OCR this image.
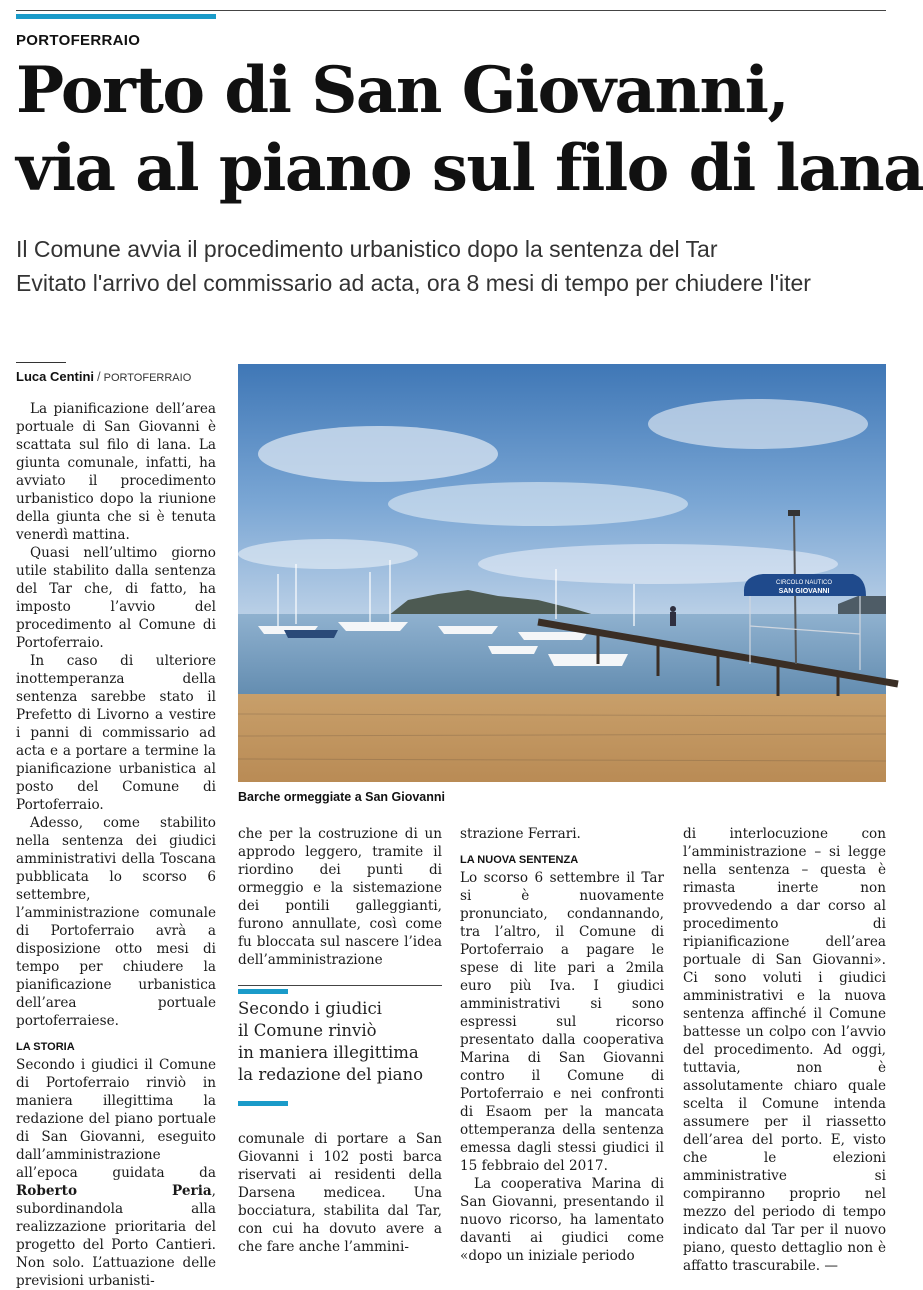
PORTOFERRAIO
Porto di San Giovanni,
via al piano sul filo di lana
Il Comune avvia il procedimento urbanistico dopo la sentenza del Tar
Evitato l'arrivo del commissario ad acta, ora 8 mesi di tempo per chiudere l'iter
Luca Centini / PORTOFERRAIO
CIRCOLO NAUTICO
SAN GIOVANNI
Barche ormeggiate a San Giovanni

La pianificazione dell’area portuale di San Giovanni è scattata sul filo di lana. La giunta comunale, infatti, ha avviato il procedimento urbanistico dopo la riunione della giunta che si è tenuta venerdì mattina.

Quasi nell’ultimo giorno utile stabilito dalla sentenza del Tar che, di fatto, ha imposto l’avvio del procedimento al Comune di Portoferraio.

In caso di ulteriore inottemperanza della sentenza sarebbe stato il Prefetto di Livorno a vestire i panni di commissario ad acta e a portare a termine la pianificazione urbanistica al posto del Comune di Portoferraio.

Adesso, come stabilito nella sentenza dei giudici amministrativi della Toscana pubblicata lo scorso 6 settembre, l’amministrazione comunale di Portoferraio avrà a disposizione otto mesi di tempo per chiudere la pianificazione urbanistica dell’area portuale portoferraiese.

LA STORIA

Secondo i giudici il Comune di Portoferraio rinviò in maniera illegittima la redazione del piano portuale di San Giovanni, eseguito dall’amministrazione all’epoca guidata da Roberto Peria, subordinandola alla realizzazione prioritaria del progetto del Porto Cantieri. Non solo. L’attuazione delle previsioni urbanisti-

che per la costruzione di un approdo leggero, tramite il riordino dei punti di ormeggio e la sistemazione dei pontili galleggianti, furono annullate, così come fu bloccata sul nascere l’idea dell’amministrazione

Secondo i giudici
il Comune rinviò
in maniera illegittima
la redazione del piano

comunale di portare a San Giovanni i 102 posti barca riservati ai residenti della Darsena medicea. Una bocciatura, stabilita dal Tar, con cui ha dovuto avere a che fare anche l’ammini-

strazione Ferrari.

LA NUOVA SENTENZA

Lo scorso 6 settembre il Tar si è nuovamente pronunciato, condannando, tra l’altro, il Comune di Portoferraio a pagare le spese di lite pari a 2mila euro più Iva. I giudici amministrativi si sono espressi sul ricorso presentato dalla cooperativa Marina di San Giovanni contro il Comune di Portoferraio e nei confronti di Esaom per la mancata ottemperanza della sentenza emessa dagli stessi giudici il 15 febbraio del 2017.

La cooperativa Marina di San Giovanni, presentando il nuovo ricorso, ha lamentato davanti ai giudici come «dopo un iniziale periodo

di interlocuzione con l’amministrazione – si legge nella sentenza – questa è rimasta inerte non provvedendo a dar corso al procedimento di ripianificazione dell’area portuale di San Giovanni». Ci sono voluti i giudici amministrativi e la nuova sentenza affinché il Comune battesse un colpo con l’avvio del procedimento. Ad oggi, tuttavia, non è assolutamente chiaro quale scelta il Comune intenda assumere per il riassetto dell’area del porto. E, visto che le elezioni amministrative si compiranno proprio nel mezzo del periodo di tempo indicato dal Tar per il nuovo piano, questo dettaglio non è affatto trascurabile. —
